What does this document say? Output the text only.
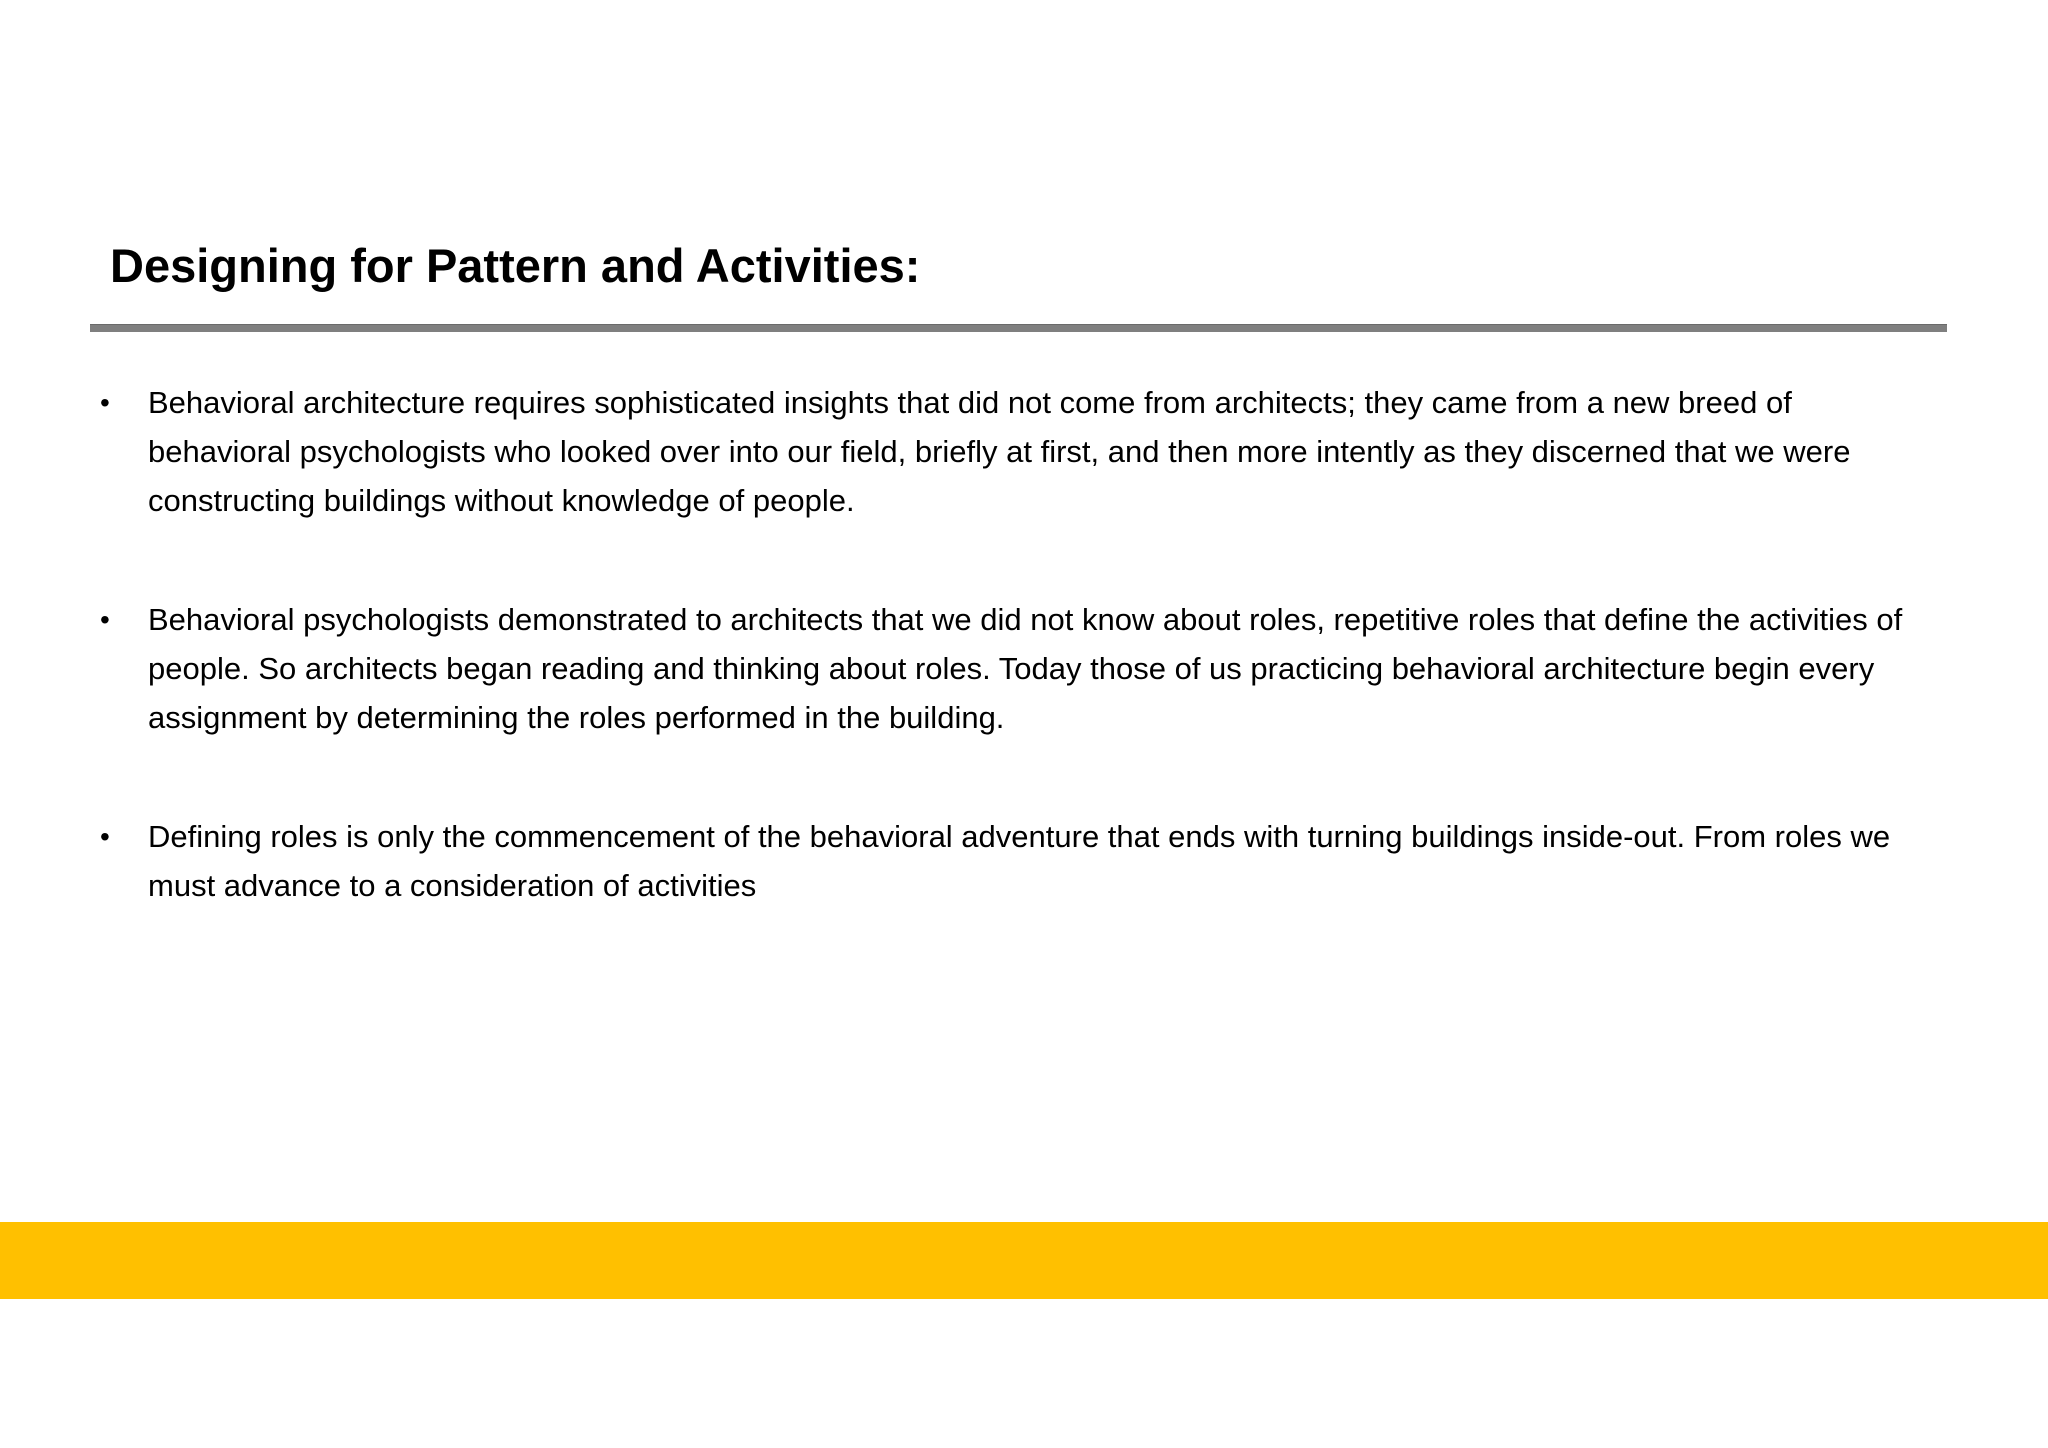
Designing for Pattern and Activities:
•	Behavioral architecture requires sophisticated insights that did not come from architects; they came from a new breed of behavioral psychologists who looked over into our field, briefly at first, and then more intently as they discerned that we were constructing buildings without knowledge of people.
•	Behavioral psychologists demonstrated to architects that we did not know about roles, repetitive roles that define the activities of people. So architects began reading and thinking about roles. Today those of us practicing behavioral architecture begin every assignment by determining the roles performed in the building.
•	Defining roles is only the commencement of the behavioral adventure that ends with turning buildings inside-out. From roles we must advance to a consideration of activities
